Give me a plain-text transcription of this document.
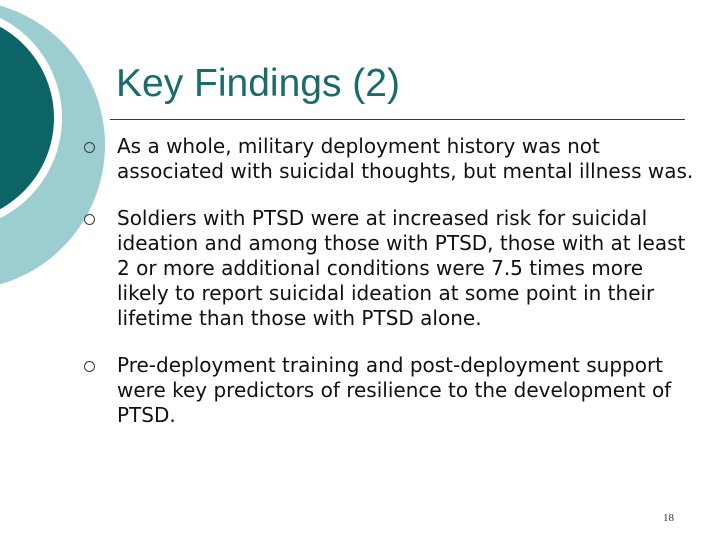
Key Findings (2)
As a whole, military deployment history was not associated with suicidal thoughts, but mental illness was.
Soldiers with PTSD were at increased risk for suicidal ideation and among those with PTSD, those with at least 2 or more additional conditions were 7.5 times more likely to report suicidal ideation at some point in their lifetime than those with PTSD alone.
Pre-deployment training and post-deployment support were key predictors of resilience to the development of PTSD.
18
